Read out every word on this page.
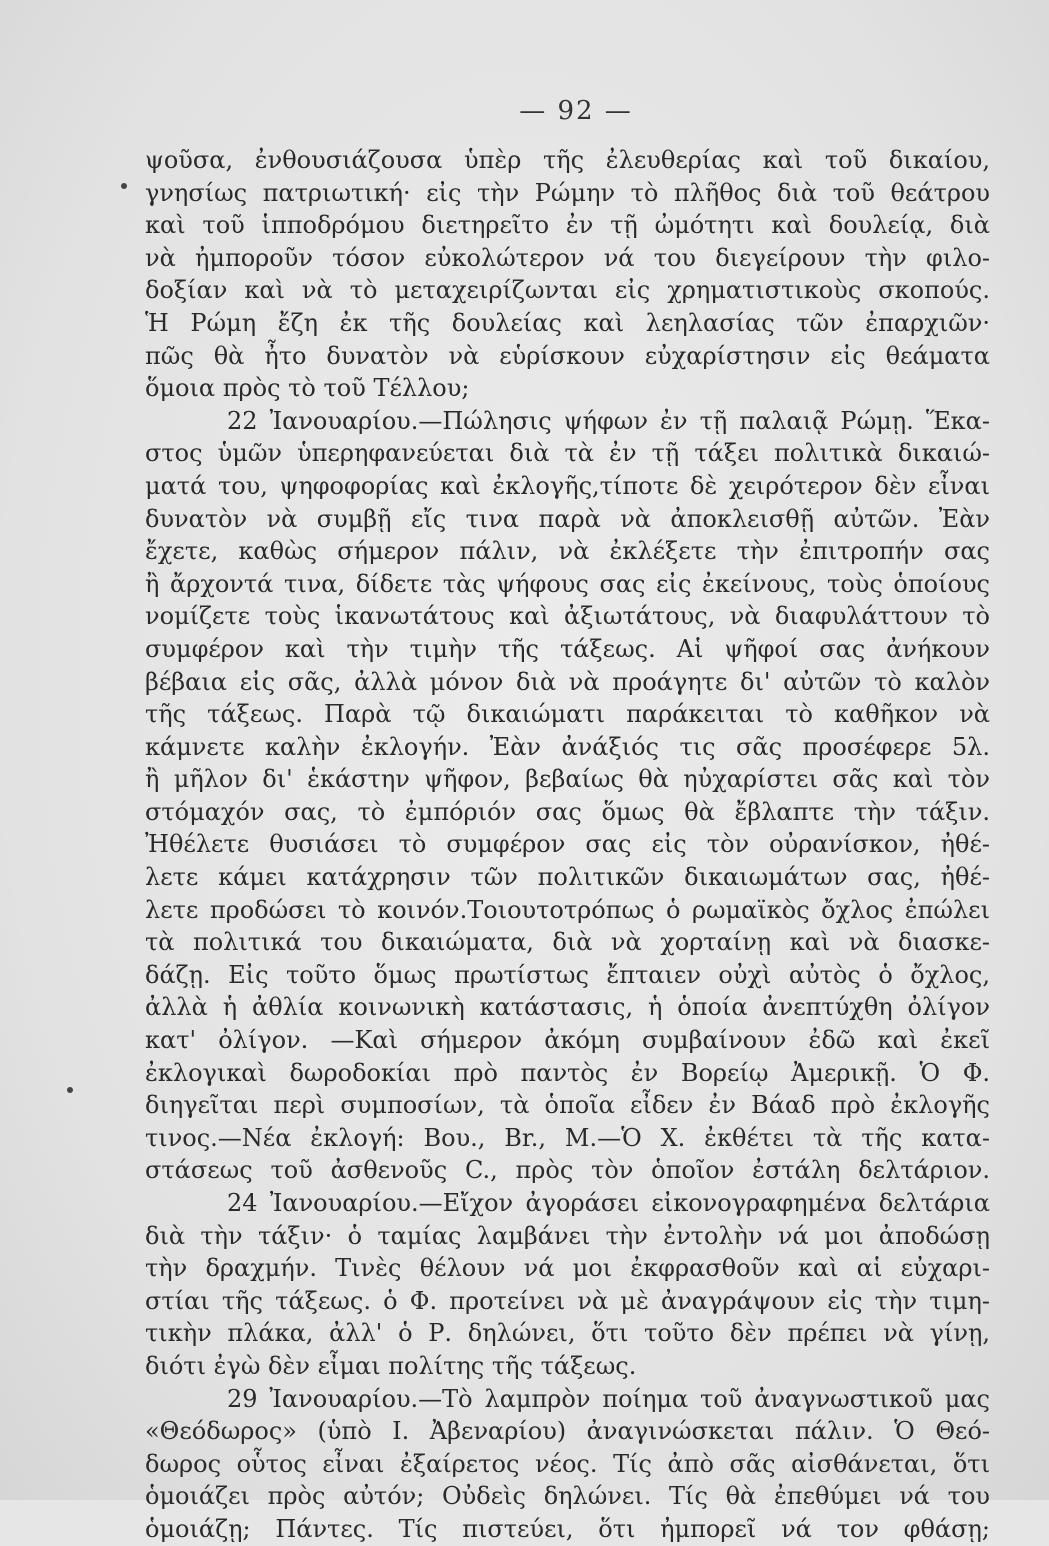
— 92 —
ψοῦσα, ἐνθουσιάζουσα ὑπὲρ τῆς ἐλευθερίας καὶ τοῦ δικαίου,
γνησίως πατριωτική· εἰς τὴν Ρώμην τὸ πλῆθος διὰ τοῦ θεάτρου
καὶ τοῦ ἱπποδρόμου διετηρεῖτο ἐν τῇ ὠμότητι καὶ δουλείᾳ, διὰ
νὰ ἠμποροῦν τόσον εὐκολώτερον νά του διεγείρουν τὴν φιλο-
δοξίαν καὶ νὰ τὸ μεταχειρίζωνται εἰς χρηματιστικοὺς σκοπούς.
Ἡ Ρώμη ἔζη ἐκ τῆς δουλείας καὶ λεηλασίας τῶν ἐπαρχιῶν·
πῶς θὰ ἦτο δυνατὸν νὰ εὑρίσκουν εὐχαρίστησιν εἰς θεάματα
ὅμοια πρὸς τὸ τοῦ Τέλλου;
22 Ἰανουαρίου.—Πώλησις ψήφων ἐν τῇ παλαιᾷ Ρώμῃ. Ἕκα-
στος ὑμῶν ὑπερηφανεύεται διὰ τὰ ἐν τῇ τάξει πολιτικὰ δικαιώ-
ματά του, ψηφοφορίας καὶ ἐκλογῆς,τίποτε δὲ χειρότερον δὲν εἶναι
δυνατὸν νὰ συμβῇ εἴς τινα παρὰ νὰ ἀποκλεισθῇ αὐτῶν. Ἐὰν
ἔχετε, καθὼς σήμερον πάλιν, νὰ ἐκλέξετε τὴν ἐπιτροπήν σας
ἢ ἄρχοντά τινα, δίδετε τὰς ψήφους σας εἰς ἐκείνους, τοὺς ὁποίους
νομίζετε τοὺς ἱκανωτάτους καὶ ἀξιωτάτους, νὰ διαφυλάττουν τὸ
συμφέρον καὶ τὴν τιμὴν τῆς τάξεως. Αἱ ψῆφοί σας ἀνήκουν
βέβαια εἰς σᾶς, ἀλλὰ μόνον διὰ νὰ προάγητε δι' αὐτῶν τὸ καλὸν
τῆς τάξεως. Παρὰ τῷ δικαιώματι παράκειται τὸ καθῆκον νὰ
κάμνετε καλὴν ἐκλογήν. Ἐὰν ἀνάξιός τις σᾶς προσέφερε 5λ.
ἢ μῆλον δι' ἑκάστην ψῆφον, βεβαίως θὰ ηὐχαρίστει σᾶς καὶ τὸν
στόμαχόν σας, τὸ ἐμπόριόν σας ὅμως θὰ ἔβλαπτε τὴν τάξιν.
Ἠθέλετε θυσιάσει τὸ συμφέρον σας εἰς τὸν οὐρανίσκον, ἠθέ-
λετε κάμει κατάχρησιν τῶν πολιτικῶν δικαιωμάτων σας, ἠθέ-
λετε προδώσει τὸ κοινόν.Τοιουτοτρόπως ὁ ρωμαϊκὸς ὄχλος ἐπώλει
τὰ πολιτικά του δικαιώματα, διὰ νὰ χορταίνῃ καὶ νὰ διασκε-
δάζῃ. Εἰς τοῦτο ὅμως πρωτίστως ἔπταιεν οὐχὶ αὐτὸς ὁ ὄχλος,
ἀλλὰ ἡ ἀθλία κοινωνικὴ κατάστασις, ἡ ὁποία ἀνεπτύχθη ὀλίγον
κατ' ὀλίγον. —Καὶ σήμερον ἀκόμη συμβαίνουν ἐδῶ καὶ ἐκεῖ
ἐκλογικαὶ δωροδοκίαι πρὸ παντὸς ἐν Βορείῳ Ἀμερικῇ. Ὁ Φ.
διηγεῖται περὶ συμποσίων, τὰ ὁποῖα εἶδεν ἐν Βάαδ πρὸ ἐκλογῆς
τινος.—Νέα ἐκλογή: Βου., Br., M.—Ὁ Χ. ἐκθέτει τὰ τῆς κατα-
στάσεως τοῦ ἀσθενοῦς C., πρὸς τὸν ὁποῖον ἐστάλη δελτάριον.
24 Ἰανουαρίου.—Εἴχον ἀγοράσει εἰκονογραφημένα δελτάρια
διὰ τὴν τάξιν· ὁ ταμίας λαμβάνει τὴν ἐντολὴν νά μοι ἀποδώσῃ
τὴν δραχμήν. Τινὲς θέλουν νά μοι ἐκφρασθοῦν καὶ αἱ εὐχαρι-
στίαι τῆς τάξεως. ὁ Φ. προτείνει νὰ μὲ ἀναγράψουν εἰς τὴν τιμη-
τικὴν πλάκα, ἀλλ' ὁ Ρ. δηλώνει, ὅτι τοῦτο δὲν πρέπει νὰ γίνῃ,
διότι ἐγὼ δὲν εἶμαι πολίτης τῆς τάξεως.
29 Ἰανουαρίου.—Τὸ λαμπρὸν ποίημα τοῦ ἀναγνωστικοῦ μας
«Θεόδωρος» (ὑπὸ Ι. Ἀβεναρίου) ἀναγινώσκεται πάλιν. Ὁ Θεό-
δωρος οὗτος εἶναι ἐξαίρετος νέος. Τίς ἀπὸ σᾶς αἰσθάνεται, ὅτι
ὁμοιάζει πρὸς αὐτόν; Οὐδεὶς δηλώνει. Τίς θὰ ἐπεθύμει νά του
ὁμοιάζῃ; Πάντες. Τίς πιστεύει, ὅτι ἠμπορεῖ νά τον φθάσῃ;
